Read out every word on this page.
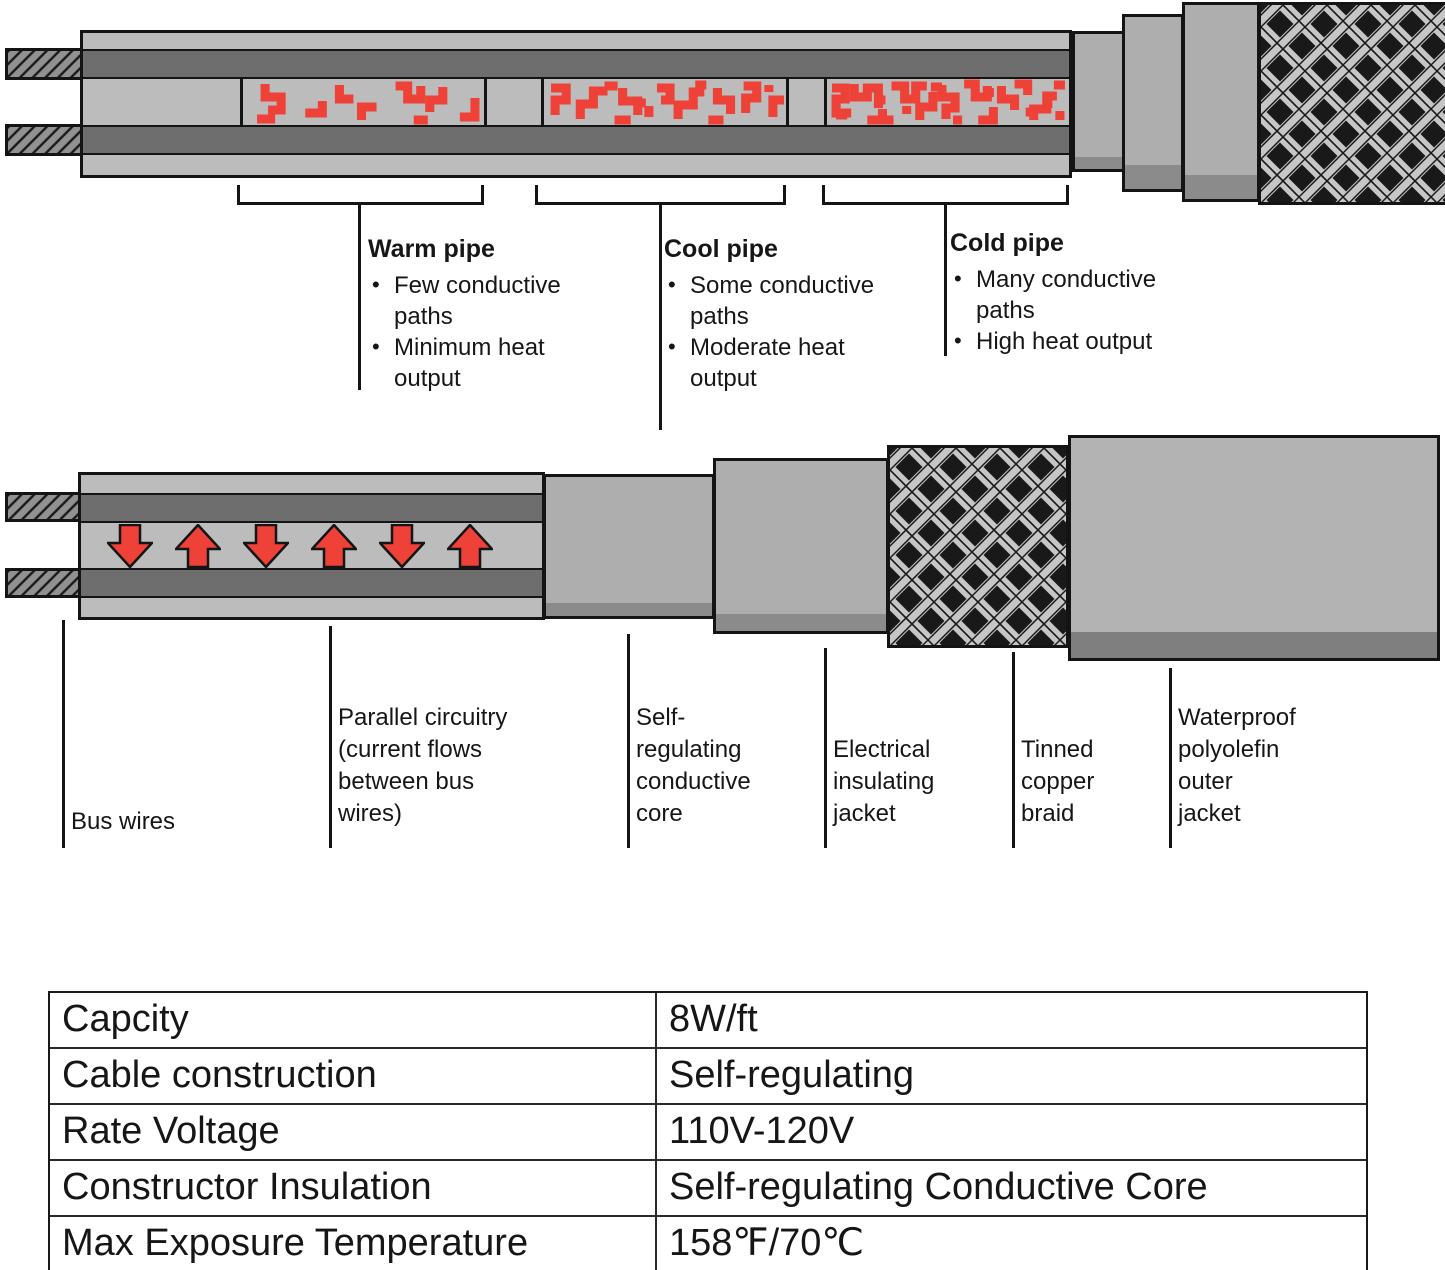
Warm pipe
• Few conductive paths
• Minimum heat output
Cool pipe
• Some conductive paths
• Moderate heat output
Cold pipe
• Many conductive paths
• High heat output
Bus wires
Parallel circuitry
(current flows
between bus
wires)
Self-
regulating
conductive
core
Electrical
insulating
jacket
Tinned
copper
braid
Waterproof
polyolefin
outer
jacket
Capcity	8W/ft
Cable construction	Self-regulating
Rate Voltage	110V-120V
Constructor Insulation	Self-regulating Conductive Core
Max Exposure Temperature	158℉/70℃
